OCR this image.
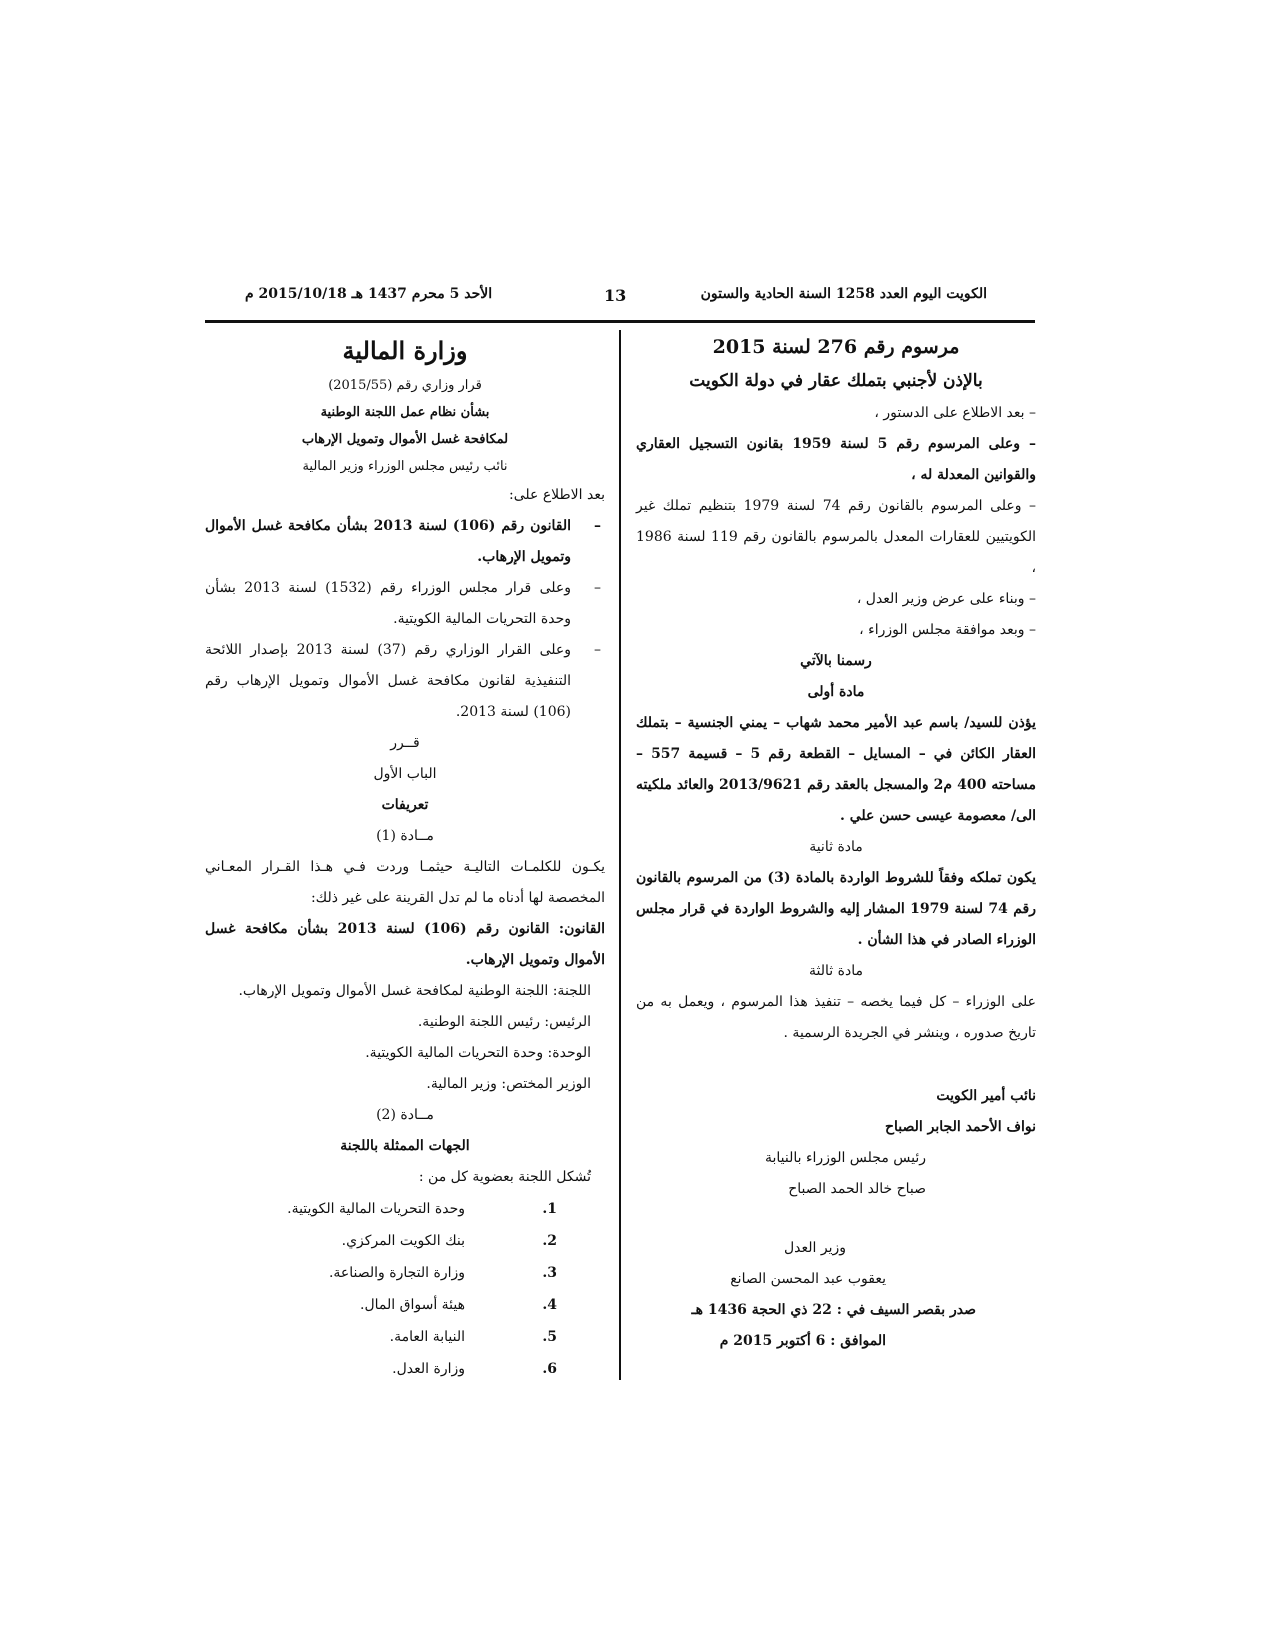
الكويت اليوم العدد 1258 السنة الحادية والستون
13
الأحد 5 محرم 1437 هـ 2015/10/18 م

مرسوم رقم 276 لسنة 2015

بالإذن لأجنبي بتملك عقار في دولة الكويت

– بعد الاطلاع على الدستور ،

– وعلى المرسوم رقم 5 لسنة 1959 بقانون التسجيل العقاري والقوانين المعدلة له ،

– وعلى المرسوم بالقانون رقم 74 لسنة 1979 بتنظيم تملك غير الكويتيين للعقارات المعدل بالمرسوم بالقانون رقم 119 لسنة 1986 ،

– وبناء على عرض وزير العدل ،

– وبعد موافقة مجلس الوزراء ،

رسمنا بالآتي

مادة أولى

يؤذن للسيد/ باسم عبد الأمير محمد شهاب – يمني الجنسية – بتملك العقار الكائن في – المسايل – القطعة رقم 5 – قسيمة 557 – مساحته 400 م2 والمسجل بالعقد رقم 2013/9621 والعائد ملكيته الى/ معصومة عيسى حسن علي .

مادة ثانية

يكون تملكه وفقاً للشروط الواردة بالمادة (3) من المرسوم بالقانون رقم 74 لسنة 1979 المشار إليه والشروط الواردة في قرار مجلس الوزراء الصادر في هذا الشأن .

مادة ثالثة

على الوزراء – كل فيما يخصه – تنفيذ هذا المرسوم ، ويعمل به من تاريخ صدوره ، وينشر في الجريدة الرسمية .

نائب أمير الكويت

نواف الأحمد الجابر الصباح

رئيس مجلس الوزراء بالنيابة

صباح خالد الحمد الصباح

وزير العدل

يعقوب عبد المحسن الصانع

صدر بقصر السيف في : 22 ذي الحجة 1436 هـ

الموافق : 6 أكتوبر 2015 م

وزارة المالية

قرار وزاري رقم (2015/55)

بشأن نظام عمل اللجنة الوطنية

لمكافحة غسل الأموال وتمويل الإرهاب

نائب رئيس مجلس الوزراء وزير المالية

بعد الاطلاع على:

–
القانون رقم (106) لسنة 2013 بشأن مكافحة غسل الأموال وتمويل الإرهاب.

–
وعلى قرار مجلس الوزراء رقم (1532) لسنة 2013 بشأن وحدة التحريات المالية الكويتية.

–
وعلى القرار الوزاري رقم (37) لسنة 2013 بإصدار اللائحة التنفيذية لقانون مكافحة غسل الأموال وتمويل الإرهاب رقم (106) لسنة 2013.

قــرر

الباب الأول

تعريفات

مــادة (1)

يكـون للكلمـات التاليـة حيثمـا وردت فـي هـذا القـرار المعـاني المخصصة لها أدناه ما لم تدل القرينة على غير ذلك:

القانون: القانون رقم (106) لسنة 2013 بشأن مكافحة غسل الأموال وتمويل الإرهاب.

اللجنة: اللجنة الوطنية لمكافحة غسل الأموال وتمويل الإرهاب.

الرئيس: رئيس اللجنة الوطنية.

الوحدة: وحدة التحريات المالية الكويتية.

الوزير المختص: وزير المالية.

مــادة (2)

الجهات الممثلة باللجنة

تُشكل اللجنة بعضوية كل من :

1.
وحدة التحريات المالية الكويتية.
2.
بنك الكويت المركزي.
3.
وزارة التجارة والصناعة.
4.
هيئة أسواق المال.
5.
النيابة العامة.
6.
وزارة العدل.
